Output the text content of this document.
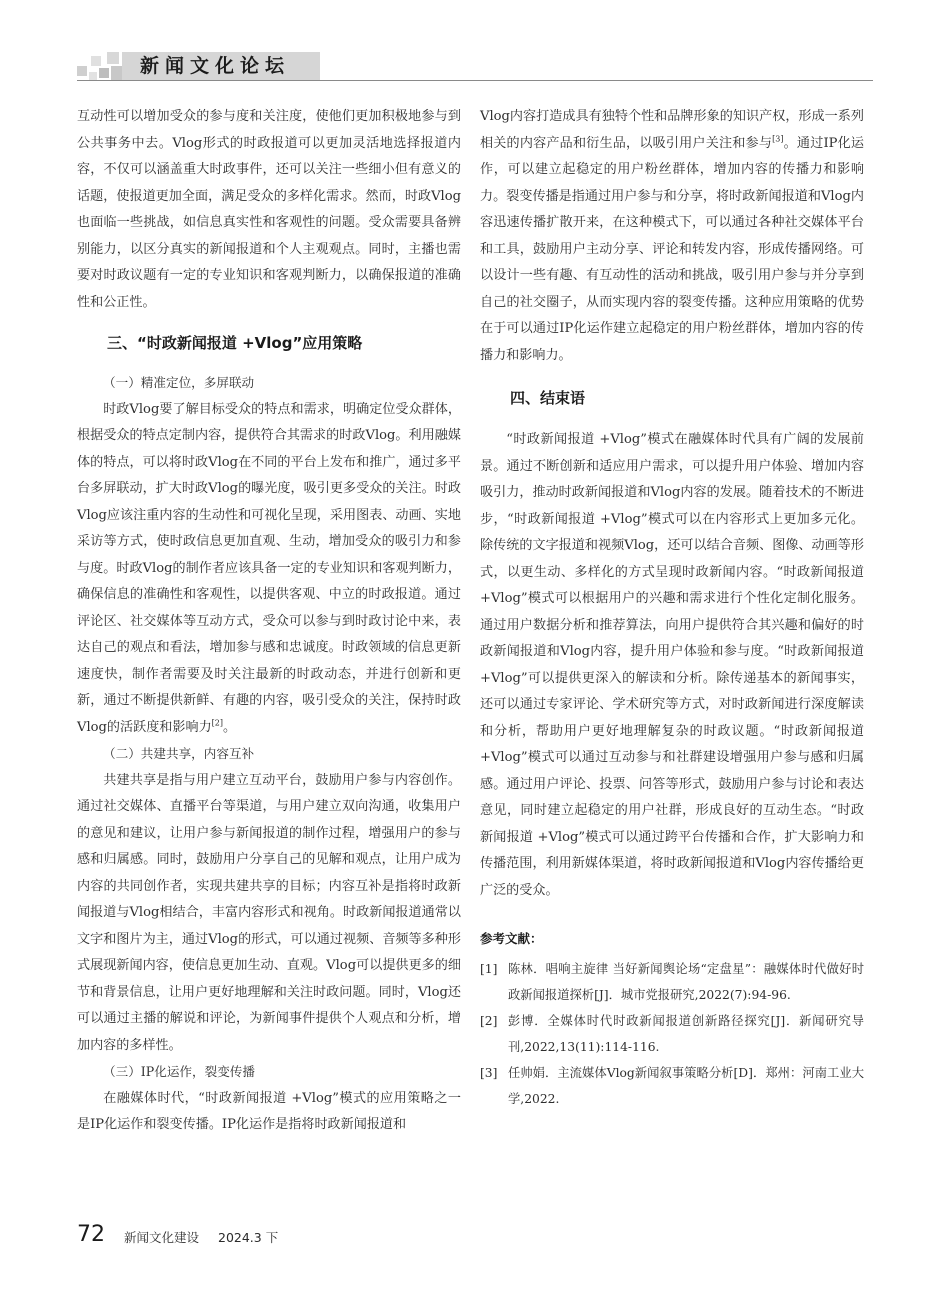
新闻文化论坛

互动性可以增加受众的参与度和关注度，使他们更加积极地参与到公共事务中去。Vlog形式的时政报道可以更加灵活地选择报道内容，不仅可以涵盖重大时政事件，还可以关注一些细小但有意义的话题，使报道更加全面，满足受众的多样化需求。然而，时政Vlog也面临一些挑战，如信息真实性和客观性的问题。受众需要具备辨别能力，以区分真实的新闻报道和个人主观观点。同时，主播也需要对时政议题有一定的专业知识和客观判断力，以确保报道的准确性和公正性。

三、“时政新闻报道 +Vlog”应用策略
（一）精准定位，多屏联动

时政Vlog要了解目标受众的特点和需求，明确定位受众群体，根据受众的特点定制内容，提供符合其需求的时政Vlog。利用融媒体的特点，可以将时政Vlog在不同的平台上发布和推广，通过多平台多屏联动，扩大时政Vlog的曝光度，吸引更多受众的关注。时政Vlog应该注重内容的生动性和可视化呈现，采用图表、动画、实地采访等方式，使时政信息更加直观、生动，增加受众的吸引力和参与度。时政Vlog的制作者应该具备一定的专业知识和客观判断力，确保信息的准确性和客观性，以提供客观、中立的时政报道。通过评论区、社交媒体等互动方式，受众可以参与到时政讨论中来，表达自己的观点和看法，增加参与感和忠诚度。时政领域的信息更新速度快，制作者需要及时关注最新的时政动态，并进行创新和更新，通过不断提供新鲜、有趣的内容，吸引受众的关注，保持时政Vlog的活跃度和影响力[2]。

（二）共建共享，内容互补

共建共享是指与用户建立互动平台，鼓励用户参与内容创作。通过社交媒体、直播平台等渠道，与用户建立双向沟通，收集用户的意见和建议，让用户参与新闻报道的制作过程，增强用户的参与感和归属感。同时，鼓励用户分享自己的见解和观点，让用户成为内容的共同创作者，实现共建共享的目标；内容互补是指将时政新闻报道与Vlog相结合，丰富内容形式和视角。时政新闻报道通常以文字和图片为主，通过Vlog的形式，可以通过视频、音频等多种形式展现新闻内容，使信息更加生动、直观。Vlog可以提供更多的细节和背景信息，让用户更好地理解和关注时政问题。同时，Vlog还可以通过主播的解说和评论，为新闻事件提供个人观点和分析，增加内容的多样性。

（三）IP化运作，裂变传播

在融媒体时代，“时政新闻报道 +Vlog”模式的应用策略之一是IP化运作和裂变传播。IP化运作是指将时政新闻报道和

Vlog内容打造成具有独特个性和品牌形象的知识产权，形成一系列相关的内容产品和衍生品，以吸引用户关注和参与[3]。通过IP化运作，可以建立起稳定的用户粉丝群体，增加内容的传播力和影响力。裂变传播是指通过用户参与和分享，将时政新闻报道和Vlog内容迅速传播扩散开来，在这种模式下，可以通过各种社交媒体平台和工具，鼓励用户主动分享、评论和转发内容，形成传播网络。可以设计一些有趣、有互动性的活动和挑战，吸引用户参与并分享到自己的社交圈子，从而实现内容的裂变传播。这种应用策略的优势在于可以通过IP化运作建立起稳定的用户粉丝群体，增加内容的传播力和影响力。

四、结束语

“时政新闻报道 +Vlog”模式在融媒体时代具有广阔的发展前景。通过不断创新和适应用户需求，可以提升用户体验、增加内容吸引力，推动时政新闻报道和Vlog内容的发展。随着技术的不断进步，“时政新闻报道 +Vlog”模式可以在内容形式上更加多元化。除传统的文字报道和视频Vlog，还可以结合音频、图像、动画等形式，以更生动、多样化的方式呈现时政新闻内容。“时政新闻报道 +Vlog”模式可以根据用户的兴趣和需求进行个性化定制化服务。通过用户数据分析和推荐算法，向用户提供符合其兴趣和偏好的时政新闻报道和Vlog内容，提升用户体验和参与度。“时政新闻报道 +Vlog”可以提供更深入的解读和分析。除传递基本的新闻事实，还可以通过专家评论、学术研究等方式，对时政新闻进行深度解读和分析，帮助用户更好地理解复杂的时政议题。“时政新闻报道 +Vlog”模式可以通过互动参与和社群建设增强用户参与感和归属感。通过用户评论、投票、问答等形式，鼓励用户参与讨论和表达意见，同时建立起稳定的用户社群，形成良好的互动生态。“时政新闻报道 +Vlog”模式可以通过跨平台传播和合作，扩大影响力和传播范围，利用新媒体渠道，将时政新闻报道和Vlog内容传播给更广泛的受众。

参考文献：
[1] 陈林．唱响主旋律 当好新闻舆论场“定盘星”：融媒体时代做好时政新闻报道探析[J]．城市党报研究,2022(7):94-96.
[2] 彭博．全媒体时代时政新闻报道创新路径探究[J]．新闻研究导刊,2022,13(11):114-116.
[3] 任帅娟．主流媒体Vlog新闻叙事策略分析[D]．郑州：河南工业大学,2022.
72 新闻文化建设 2024.3 下
